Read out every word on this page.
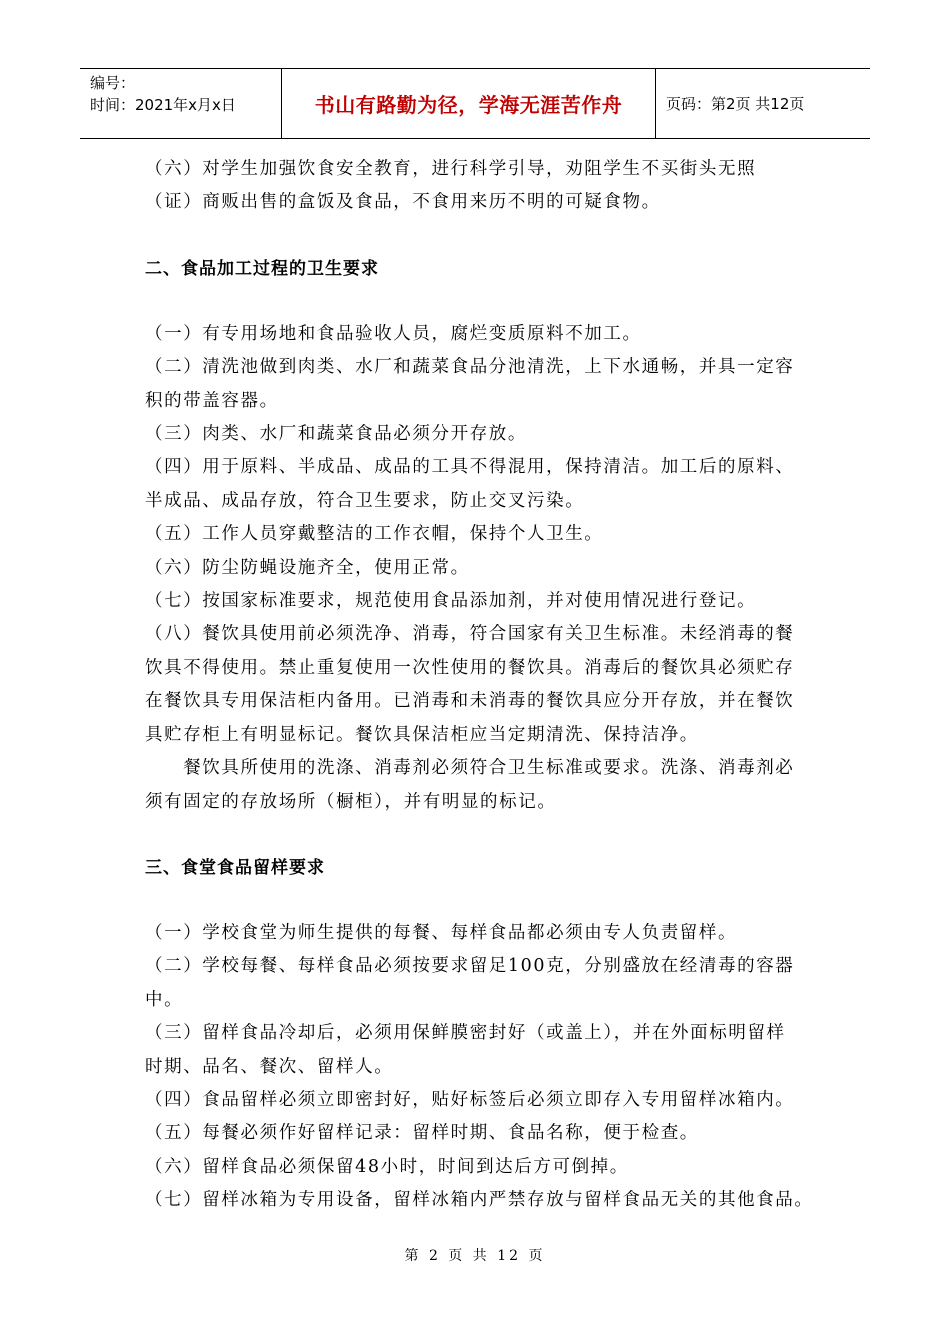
编号：
时间：2021年x月x日	书山有路勤为径，学海无涯苦作舟	页码：第2页 共12页
（六）对学生加强饮食安全教育，进行科学引导，劝阻学生不买街头无照
（证）商贩出售的盒饭及食品，不食用来历不明的可疑食物。
二、食品加工过程的卫生要求
（一）有专用场地和食品验收人员，腐烂变质原料不加工。
（二）清洗池做到肉类、水厂和蔬菜食品分池清洗，上下水通畅，并具一定容
积的带盖容器。
（三）肉类、水厂和蔬菜食品必须分开存放。
（四）用于原料、半成品、成品的工具不得混用，保持清洁。加工后的原料、
半成品、成品存放，符合卫生要求，防止交叉污染。
（五）工作人员穿戴整洁的工作衣帽，保持个人卫生。
（六）防尘防蝇设施齐全，使用正常。
（七）按国家标准要求，规范使用食品添加剂，并对使用情况进行登记。
（八）餐饮具使用前必须洗净、消毒，符合国家有关卫生标准。未经消毒的餐
饮具不得使用。禁止重复使用一次性使用的餐饮具。消毒后的餐饮具必须贮存
在餐饮具专用保洁柜内备用。已消毒和未消毒的餐饮具应分开存放，并在餐饮
具贮存柜上有明显标记。餐饮具保洁柜应当定期清洗、保持洁净。
　　餐饮具所使用的洗涤、消毒剂必须符合卫生标准或要求。洗涤、消毒剂必
须有固定的存放场所（橱柜），并有明显的标记。
三、食堂食品留样要求
（一）学校食堂为师生提供的每餐、每样食品都必须由专人负责留样。
（二）学校每餐、每样食品必须按要求留足100克，分别盛放在经清毒的容器
中。
（三）留样食品冷却后，必须用保鲜膜密封好（或盖上），并在外面标明留样
时期、品名、餐次、留样人。
（四）食品留样必须立即密封好，贴好标签后必须立即存入专用留样冰箱内。
（五）每餐必须作好留样记录：留样时期、食品名称，便于检查。
（六）留样食品必须保留48小时，时间到达后方可倒掉。
（七）留样冰箱为专用设备，留样冰箱内严禁存放与留样食品无关的其他食品。
第 2 页 共 12 页
